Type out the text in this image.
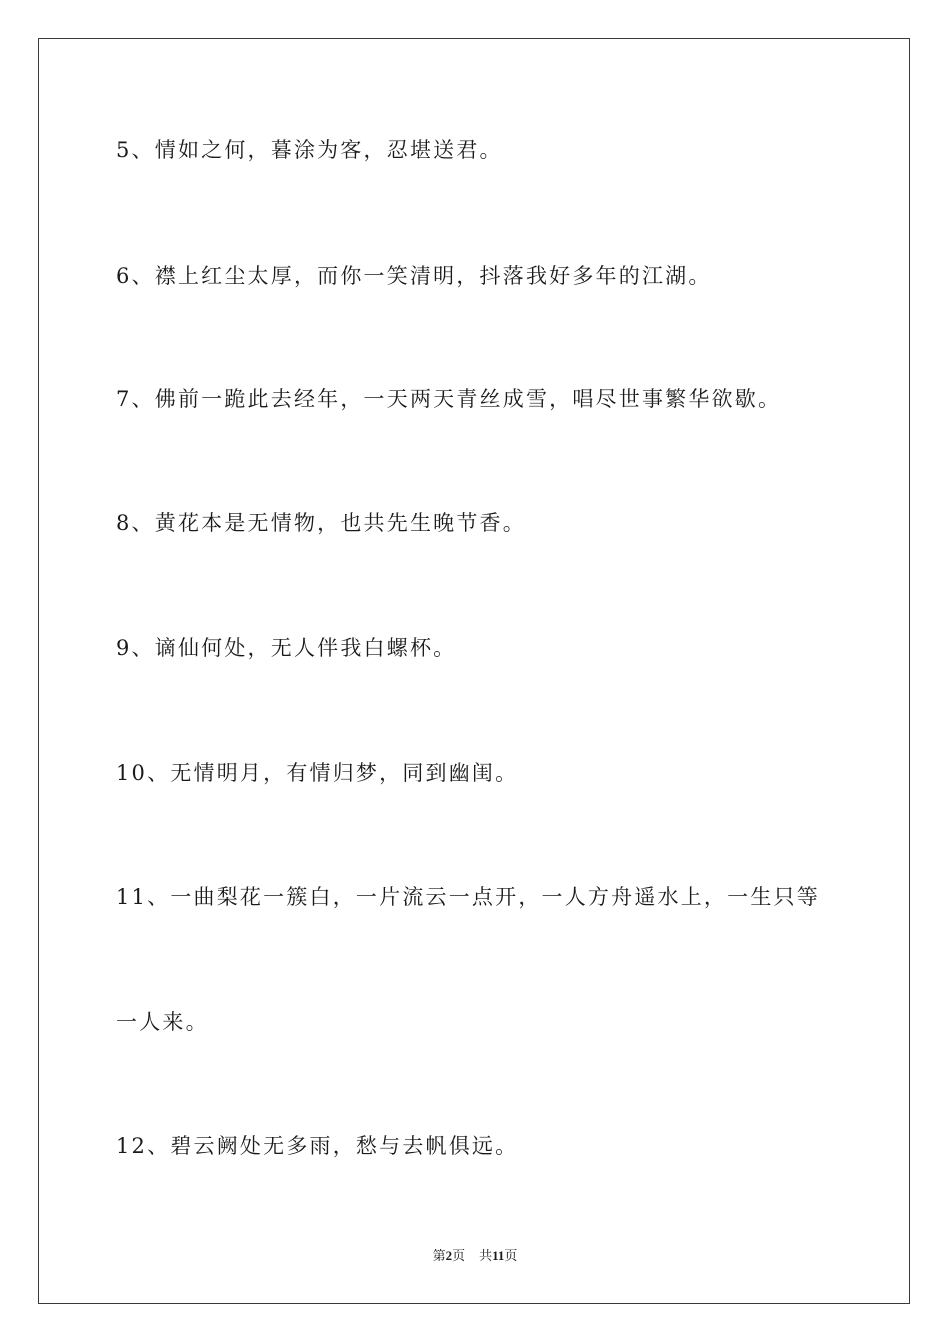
5、情如之何，暮涂为客，忍堪送君。
6、襟上红尘太厚，而你一笑清明，抖落我好多年的江湖。
7、佛前一跪此去经年，一天两天青丝成雪，唱尽世事繁华欲歇。
8、黄花本是无情物，也共先生晚节香。
9、谪仙何处，无人伴我白螺杯。
10、无情明月，有情归梦，同到幽闺。
11、一曲梨花一簇白，一片流云一点开，一人方舟遥水上，一生只等
一人来。
12、碧云阙处无多雨，愁与去帆俱远。
第2页 共11页
